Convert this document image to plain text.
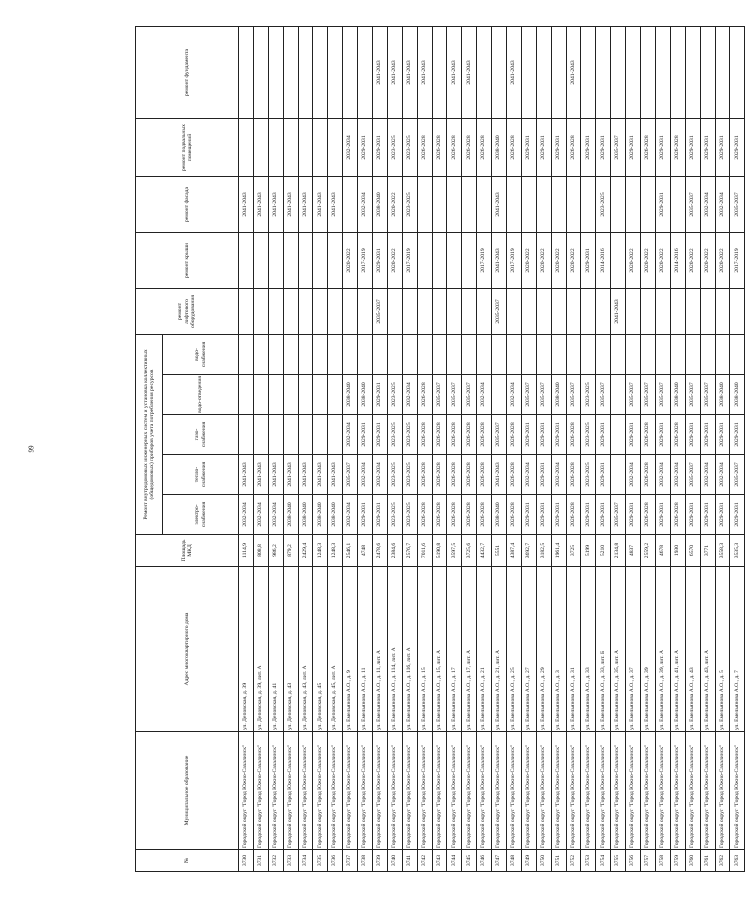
99
№	Муниципальное образование	Адрес многоквартирного дома	Площадь МКД	Ремонт внутридомовых инженерных систем и установка коллективных (общедомовых) приборов учета потребления ресурсов					ремонт лифтового оборудования	ремонт крыши	ремонт фасада	ремонт подвальных помещений	ремонт фундамента
				электро-снабжения	тепло-снабжения	газо-снабжения	водо-отведения	водо-снабжения					
3730	Городской округ "Город Южно-Сахалинск"	ул. Деповская, д. 39	1114,9	2032-2034	2041-2043						2041-2043		
3731	Городской округ "Город Южно-Сахалинск"	ул. Деповская, д. 39, лит. А	808,8	2032-2034	2041-2043						2041-2043		
3732	Городской округ "Город Южно-Сахалинск"	ул. Деповская, д. 41	986,2	2032-2034	2041-2043						2041-2043		
3733	Городской округ "Город Южно-Сахалинск"	ул. Деповская, д. 43	879,2	2038-2040	2041-2043						2041-2043		
3734	Городской округ "Город Южно-Сахалинск"	ул. Деповская, д. 43, лит. А	2429,4	2038-2040	2041-2043						2041-2043		
3735	Городской округ "Город Южно-Сахалинск"	ул. Деповская, д. 45	1248,3	2038-2040	2041-2043						2041-2043		
3736	Городской округ "Город Южно-Сахалинск"	ул. Деповская, д. 45, лит. А	1248,3	2038-2040	2041-2043						2041-2043		
3737	Городской округ "Город Южно-Сахалинск"	ул. Емельянова А.О., д. 9	2546,1	2032-2034	2035-2037	2032-2034	2038-2040			2020-2022		2032-2034	
3738	Городской округ "Город Южно-Сахалинск"	ул. Емельянова А.О., д. 11	4748	2029-2031	2032-2034	2029-2031	2038-2040			2017-2019	2032-2034	2029-2031	
3739	Городской округ "Город Южно-Сахалинск"	ул. Емельянова А.О., д. 11, лит. А	2478,6	2029-2031	2032-2034	2029-2031	2029-2031		2035-2037	2029-2031	2038-2040	2029-2031	2041-2043
3740	Городской округ "Город Южно-Сахалинск"	ул. Емельянова А.О., д. 114, лит. А	2384,6	2023-2025	2023-2025	2023-2025	2023-2025			2020-2022	2020-2022	2023-2025	2041-2043
3741	Городской округ "Город Южно-Сахалинск"	ул. Емельянова А.О., д. 116, лит. А	2576,7	2023-2025	2023-2025	2023-2025	2032-2034			2017-2019	2023-2025	2023-2025	2041-2043
3742	Городской округ "Город Южно-Сахалинск"	ул. Емельянова А.О., д. 15	7011,6	2026-2028	2026-2028	2026-2028	2026-2028					2026-2028	2041-2043
3743	Городской округ "Город Южно-Сахалинск"	ул. Емельянова А.О., д. 15, лит. А	5190,8	2026-2028	2026-2028	2026-2028	2035-2037					2026-2028	
3744	Городской округ "Город Южно-Сахалинск"	ул. Емельянова А.О., д. 17	3597,5	2026-2028	2026-2028	2026-2028	2035-2037					2026-2028	2041-2043
3745	Городской округ "Город Южно-Сахалинск"	ул. Емельянова А.О., д. 17, лит. А	3725,6	2026-2028	2026-2028	2026-2028	2035-2037					2026-2028	2041-2043
3746	Городской округ "Город Южно-Сахалинск"	ул. Емельянова А.О., д. 21	4432,7	2026-2028	2026-2028	2026-2028	2032-2034			2017-2019		2026-2028	
3747	Городской округ "Город Южно-Сахалинск"	ул. Емельянова А.О., д. 21, лит. А	5551	2038-2040	2041-2043	2035-2037			2035-2037	2041-2043	2041-2043	2038-2040	
3748	Городской округ "Город Южно-Сахалинск"	ул. Емельянова А.О., д. 25	4387,4	2026-2028	2026-2028	2026-2028	2032-2034			2017-2019		2026-2028	2041-2043
3749	Городской округ "Город Южно-Сахалинск"	ул. Емельянова А.О., д. 27	3692,7	2029-2031	2032-2034	2029-2031	2035-2037			2020-2022		2029-2031	
3750	Городской округ "Город Южно-Сахалинск"	ул. Емельянова А.О., д. 29	3182,5	2029-2031	2029-2031	2029-2031	2035-2037			2020-2022		2029-2031	
3751	Городской округ "Город Южно-Сахалинск"	ул. Емельянова А.О., д. 3	1961,4	2029-2031	2032-2034	2029-2031	2038-2040			2020-2022		2029-2031	
3752	Городской округ "Город Южно-Сахалинск"	ул. Емельянова А.О., д. 31	3725	2026-2028	2026-2028	2026-2028	2035-2037			2020-2022		2026-2028	2041-2043
3753	Городской округ "Город Южно-Сахалинск"	ул. Емельянова А.О., д. 33	5199	2029-2031	2023-2025	2023-2025	2023-2025			2029-2031		2029-2031	
3754	Городской округ "Город Южно-Сахалинск"	ул. Емельянова А.О., д. 33, лит. Б	5210	2029-2031	2029-2031	2029-2031	2035-2037			2014-2016	2023-2025	2029-2031	
3755	Городской округ "Город Южно-Сахалинск"	ул. Емельянова А.О., д. 35, лит. А	2134,8	2035-2037					2041-2043			2035-2037	
3756	Городской округ "Город Южно-Сахалинск"	ул. Емельянова А.О., д. 37	4837	2029-2031	2032-2034	2029-2031	2035-2037			2020-2022		2029-2031	
3757	Городской округ "Город Южно-Сахалинск"	ул. Емельянова А.О., д. 39	2559,2	2026-2028	2026-2028	2026-2028	2035-2037			2020-2022		2026-2028	
3758	Городской округ "Город Южно-Сахалинск"	ул. Емельянова А.О., д. 39, лит. А	4678	2029-2031	2032-2034	2029-2031	2035-2037			2020-2022	2029-2031	2029-2031	
3759	Городской округ "Город Южно-Сахалинск"	ул. Емельянова А.О., д. 41, лит. А	1930	2026-2028	2032-2034	2026-2028	2038-2040			2014-2016		2026-2028	
3760	Городской округ "Город Южно-Сахалинск"	ул. Емельянова А.О., д. 43	6570	2029-2031	2035-2037	2029-2031	2035-2037			2020-2022	2035-2037	2029-2031	
3761	Городской округ "Город Южно-Сахалинск"	ул. Емельянова А.О., д. 43, лит. А	3771	2029-2031	2032-2034	2029-2031	2035-2037			2020-2022	2032-2034	2029-2031	
3762	Городской округ "Город Южно-Сахалинск"	ул. Емельянова А.О., д. 5	3558,3	2029-2031	2032-2034	2029-2031	2038-2040			2020-2022	2032-2034	2029-2031	
3763	Городской округ "Город Южно-Сахалинск"	ул. Емельянова А.О., д. 7	3535,3	2029-2031	2035-2037	2029-2031	2038-2040			2017-2019	2035-2037	2029-2031	
